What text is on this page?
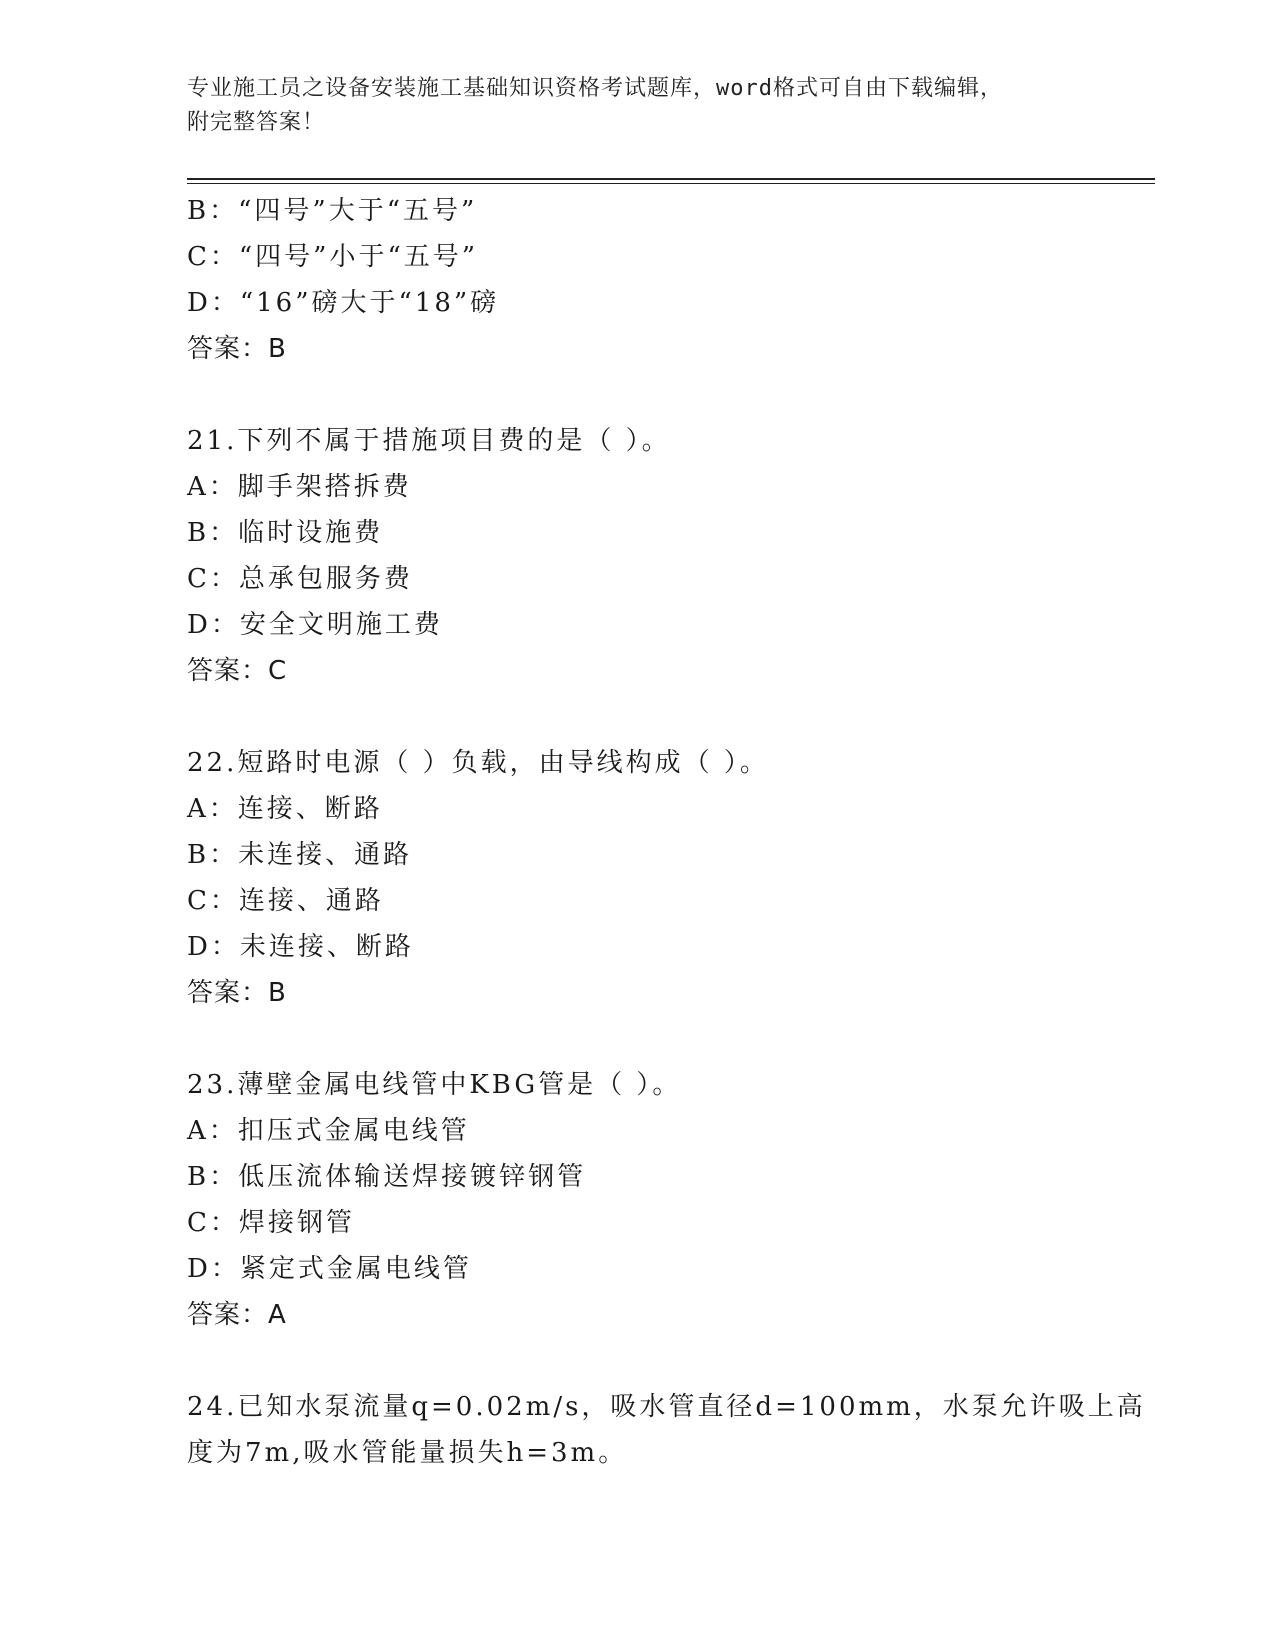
专业施工员之设备安装施工基础知识资格考试题库，word格式可自由下载编辑，
附完整答案！
B：“四号”大于“五号”
C：“四号”小于“五号”
D：“16”磅大于“18”磅
答案：B
21.下列不属于措施项目费的是（ ）。
A：脚手架搭拆费
B：临时设施费
C：总承包服务费
D：安全文明施工费
答案：C
22.短路时电源（ ）负载，由导线构成（ ）。
A：连接、断路
B：未连接、通路
C：连接、通路
D：未连接、断路
答案：B
23.薄壁金属电线管中KBG管是（ ）。
A：扣压式金属电线管
B：低压流体输送焊接镀锌钢管
C：焊接钢管
D：紧定式金属电线管
答案：A
24.已知水泵流量q=0.02m/s，吸水管直径d=100mm，水泵允许吸上高
度为7m,吸水管能量损失h=3m。
